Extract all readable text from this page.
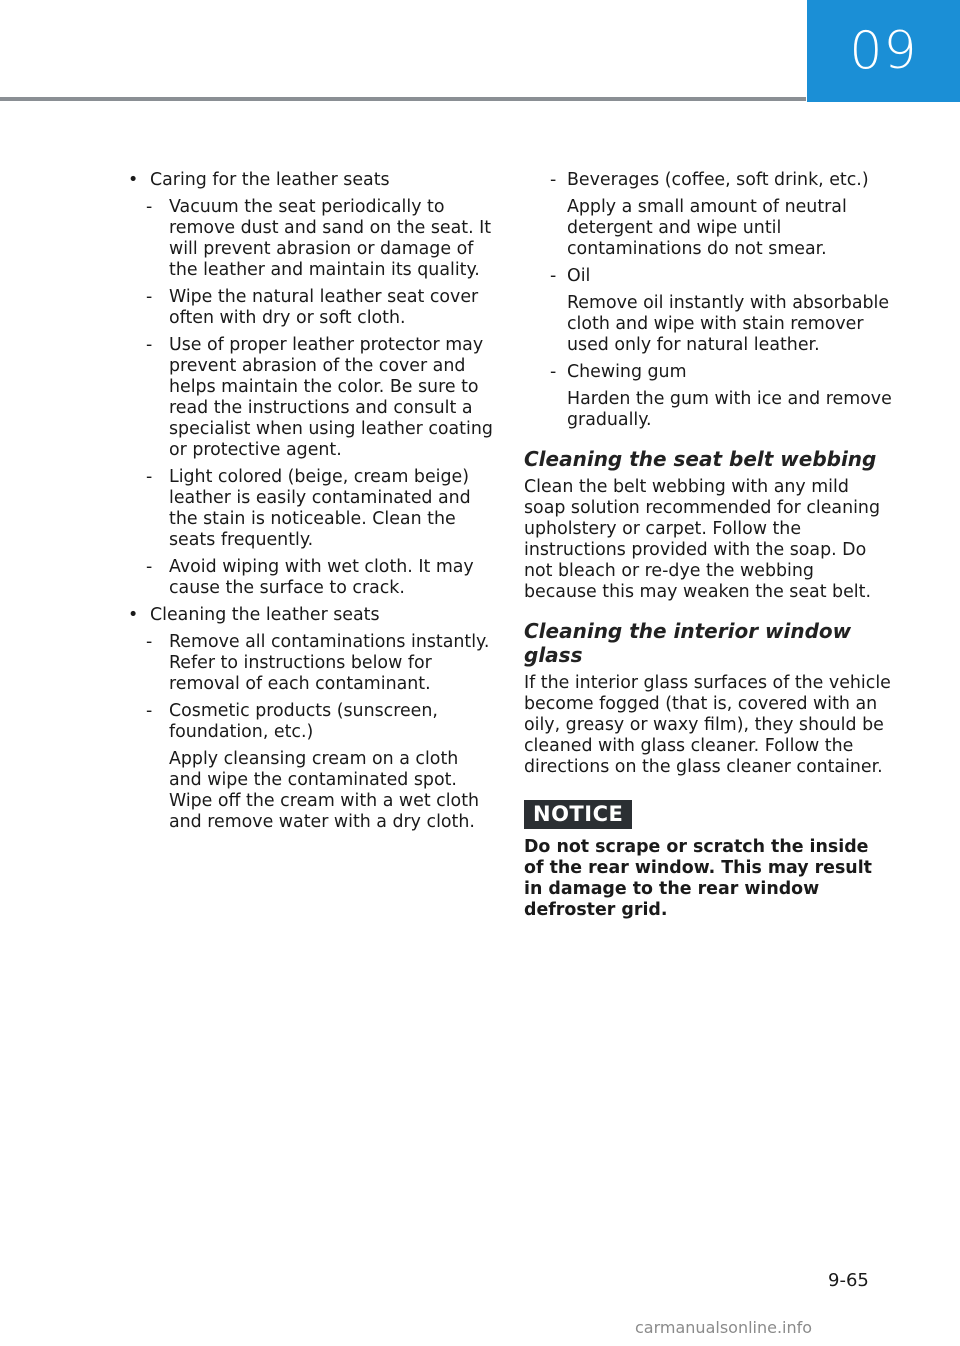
09
• Caring for the leather seats
- Vacuum the seat periodically to remove dust and sand on the seat. It will prevent abrasion or damage of the leather and maintain its quality.
- Wipe the natural leather seat cover often with dry or soft cloth.
- Use of proper leather protector may prevent abrasion of the cover and helps maintain the color. Be sure to read the instructions and consult a specialist when using leather coating or protective agent.
- Light colored (beige, cream beige) leather is easily contaminated and the stain is noticeable. Clean the seats frequently.
- Avoid wiping with wet cloth. It may cause the surface to crack.
• Cleaning the leather seats
- Remove all contaminations instantly. Refer to instructions below for removal of each contaminant.
- Cosmetic products (sunscreen, foundation, etc.)
Apply cleansing cream on a cloth and wipe the contaminated spot. Wipe off the cream with a wet cloth and remove water with a dry cloth.
- Beverages (coffee, soft drink, etc.)
Apply a small amount of neutral detergent and wipe until contaminations do not smear.
- Oil
Remove oil instantly with absorbable cloth and wipe with stain remover used only for natural leather.
- Chewing gum
Harden the gum with ice and remove gradually.
Cleaning the seat belt webbing
Clean the belt webbing with any mild soap solution recommended for cleaning upholstery or carpet. Follow the instructions provided with the soap. Do not bleach or re-dye the webbing because this may weaken the seat belt.
Cleaning the interior window glass
If the interior glass surfaces of the vehicle become fogged (that is, covered with an oily, greasy or waxy film), they should be cleaned with glass cleaner. Follow the directions on the glass cleaner container.
NOTICE
Do not scrape or scratch the inside of the rear window. This may result in damage to the rear window defroster grid.
9-65
carmanualsonline.info
